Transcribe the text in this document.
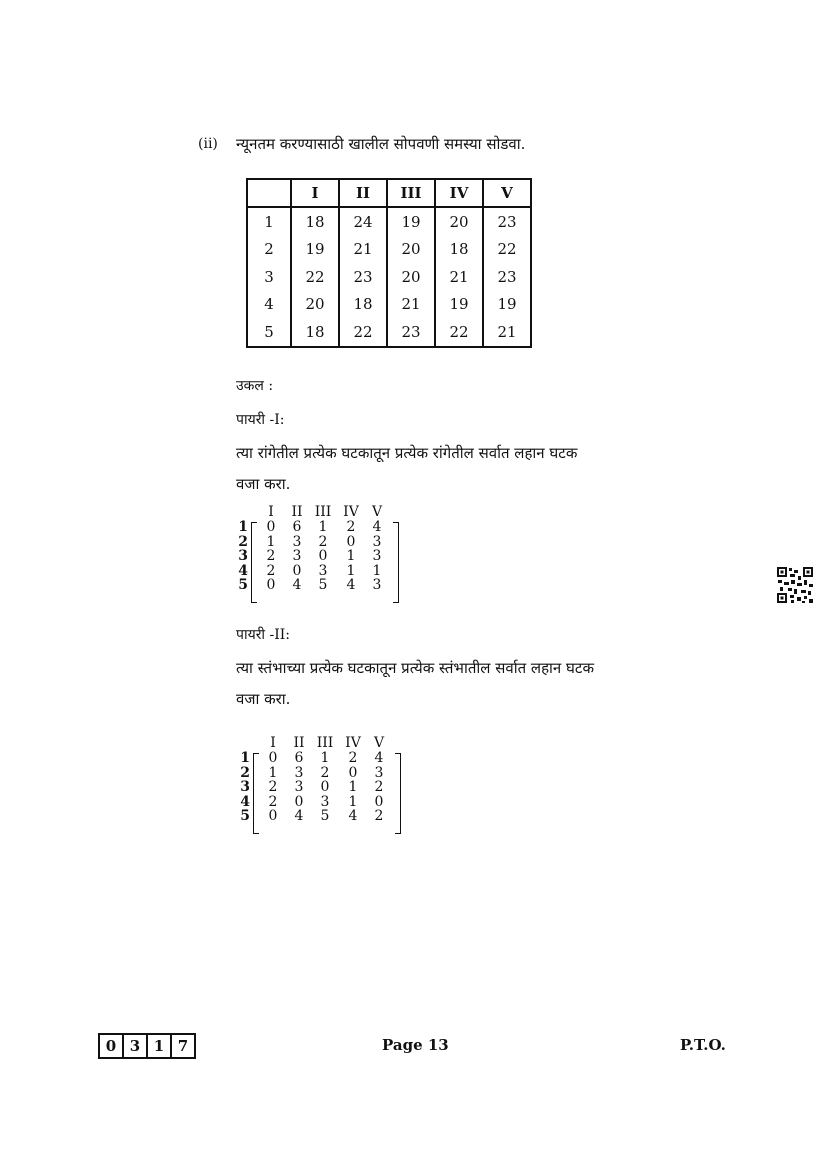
(ii) न्यूनतम करण्यासाठी खालील सोपवणी समस्या सोडवा.
	I	II	III	IV	V
1	18	24	19	20	23
2	19	21	20	18	22
3	22	23	20	21	23
4	20	18	21	19	19
5	18	22	23	22	21
उकल :
पायरी -I:
त्या रांगेतील प्रत्येक घटकातून प्रत्येक रांगेतील सर्वात लहान घटक
वजा करा.
I	II III IV V
1	0	6	1	2	4
2	1	3	2	0	3
3	2	3	0	1	3
4	2	0	3	1	1
5	0	4	5	4	3
पायरी -II:
त्या स्तंभाच्या प्रत्येक घटकातून प्रत्येक स्तंभातील सर्वात लहान घटक
वजा करा.
I	II III IV V
1	0	6	1	2	4
2	1	3	2	0	3
3	2	3	0	1	2
4	2	0	3	1	0
5	0	4	5	4	2
0 3 1 7	Page 13	P.T.O.
